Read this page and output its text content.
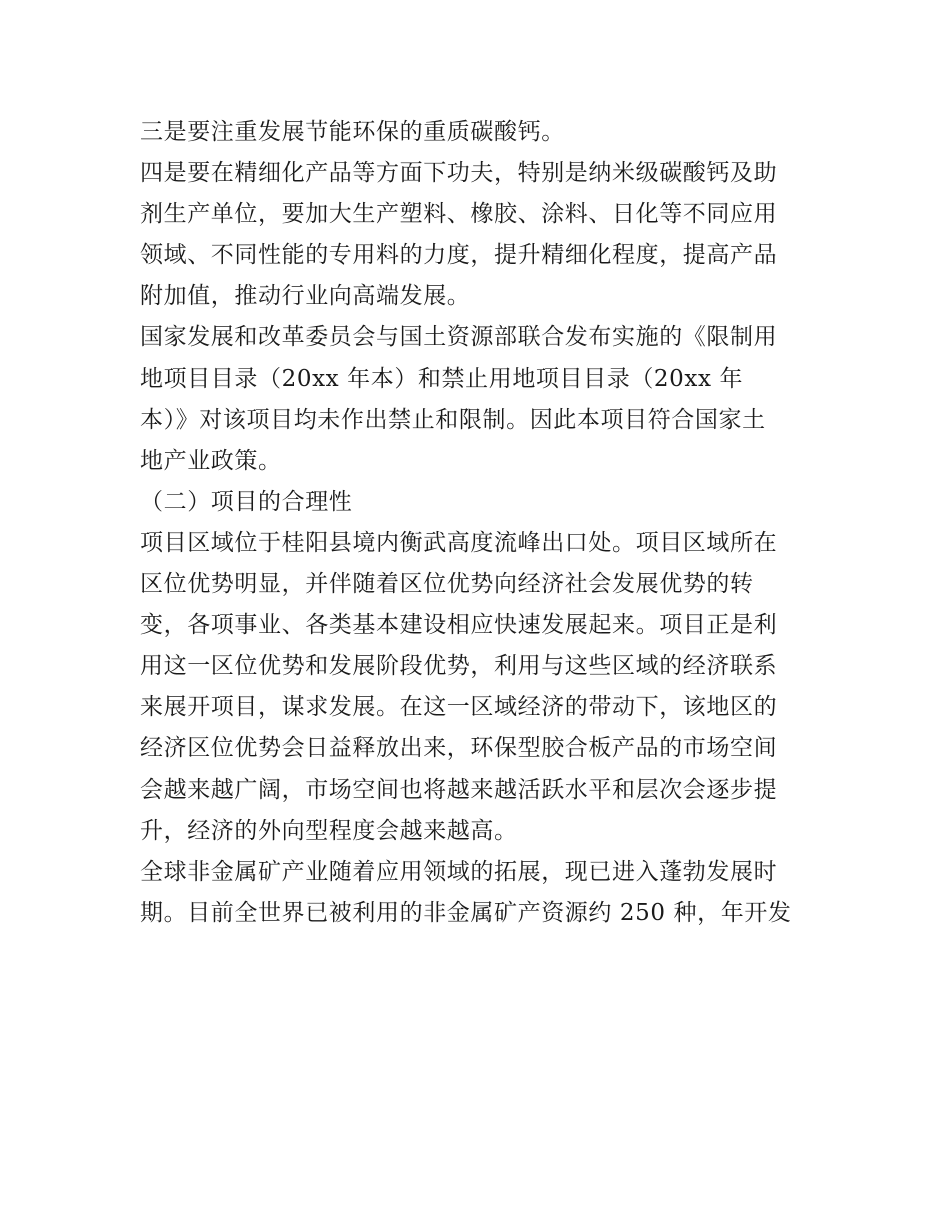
三是要注重发展节能环保的重质碳酸钙。
四是要在精细化产品等方面下功夫，特别是纳米级碳酸钙及助
剂生产单位，要加大生产塑料、橡胶、涂料、日化等不同应用
领域、不同性能的专用料的力度，提升精细化程度，提高产品
附加值，推动行业向高端发展。
国家发展和改革委员会与国土资源部联合发布实施的《限制用
地项目目录（20xx 年本）和禁止用地项目目录（20xx 年
本）》对该项目均未作出禁止和限制。因此本项目符合国家土
地产业政策。
（二）项目的合理性
项目区域位于桂阳县境内衡武高度流峰出口处。项目区域所在
区位优势明显，并伴随着区位优势向经济社会发展优势的转
变，各项事业、各类基本建设相应快速发展起来。项目正是利
用这一区位优势和发展阶段优势，利用与这些区域的经济联系
来展开项目，谋求发展。在这一区域经济的带动下，该地区的
经济区位优势会日益释放出来，环保型胶合板产品的市场空间
会越来越广阔，市场空间也将越来越活跃水平和层次会逐步提
升，经济的外向型程度会越来越高。
全球非金属矿产业随着应用领域的拓展，现已进入蓬勃发展时
期。目前全世界已被利用的非金属矿产资源约 250 种，年开发
